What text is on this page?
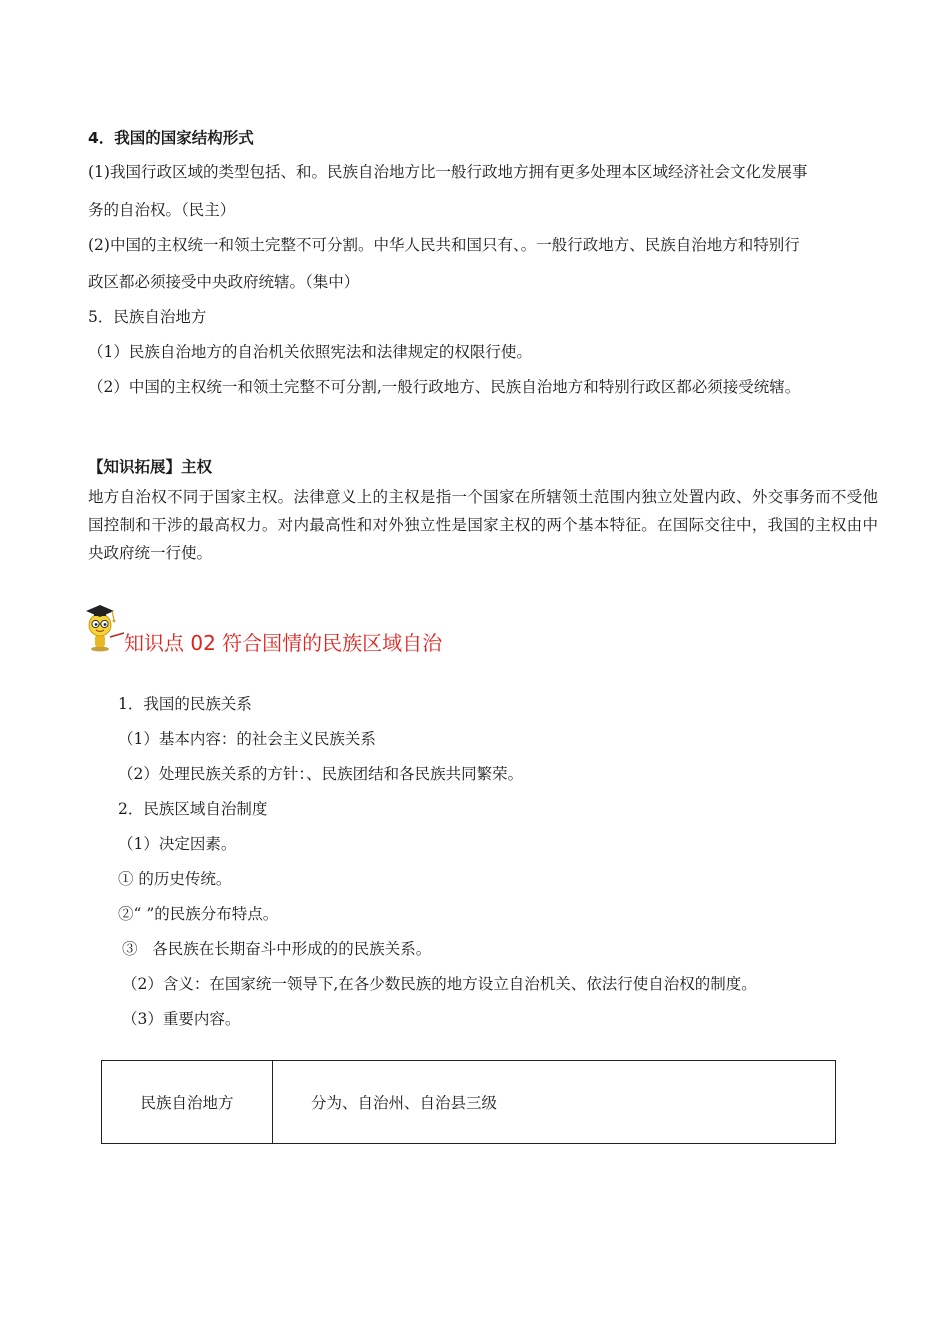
4．我国的国家结构形式
(1)我国行政区域的类型包括、和。民族自治地方比一般行政地方拥有更多处理本区域经济社会文化发展事
务的自治权。（民主）
(2)中国的主权统一和领土完整不可分割。中华人民共和国只有、。一般行政地方、民族自治地方和特别行
政区都必须接受中央政府统辖。（集中）
5．民族自治地方
（1）民族自治地方的自治机关依照宪法和法律规定的权限行使。
（2）中国的主权统一和领土完整不可分割,一般行政地方、民族自治地方和特别行政区都必须接受统辖。
【知识拓展】主权
地方自治权不同于国家主权。法律意义上的主权是指一个国家在所辖领土范围内独立处置内政、外交事务而不受他国控制和干涉的最高权力。对内最高性和对外独立性是国家主权的两个基本特征。在国际交往中，我国的主权由中央政府统一行使。
知识点 02 符合国情的民族区域自治
1．我国的民族关系
（1）基本内容：的社会主义民族关系
（2）处理民族关系的方针：、民族团结和各民族共同繁荣。
2．民族区域自治制度
（1）决定因素。
① 的历史传统。
②“ ”的民族分布特点。
③   各民族在长期奋斗中形成的的民族关系。
（2）含义：在国家统一领导下,在各少数民族的地方设立自治机关、依法行使自治权的制度。
（3）重要内容。
民族自治地方	分为、自治州、自治县三级
